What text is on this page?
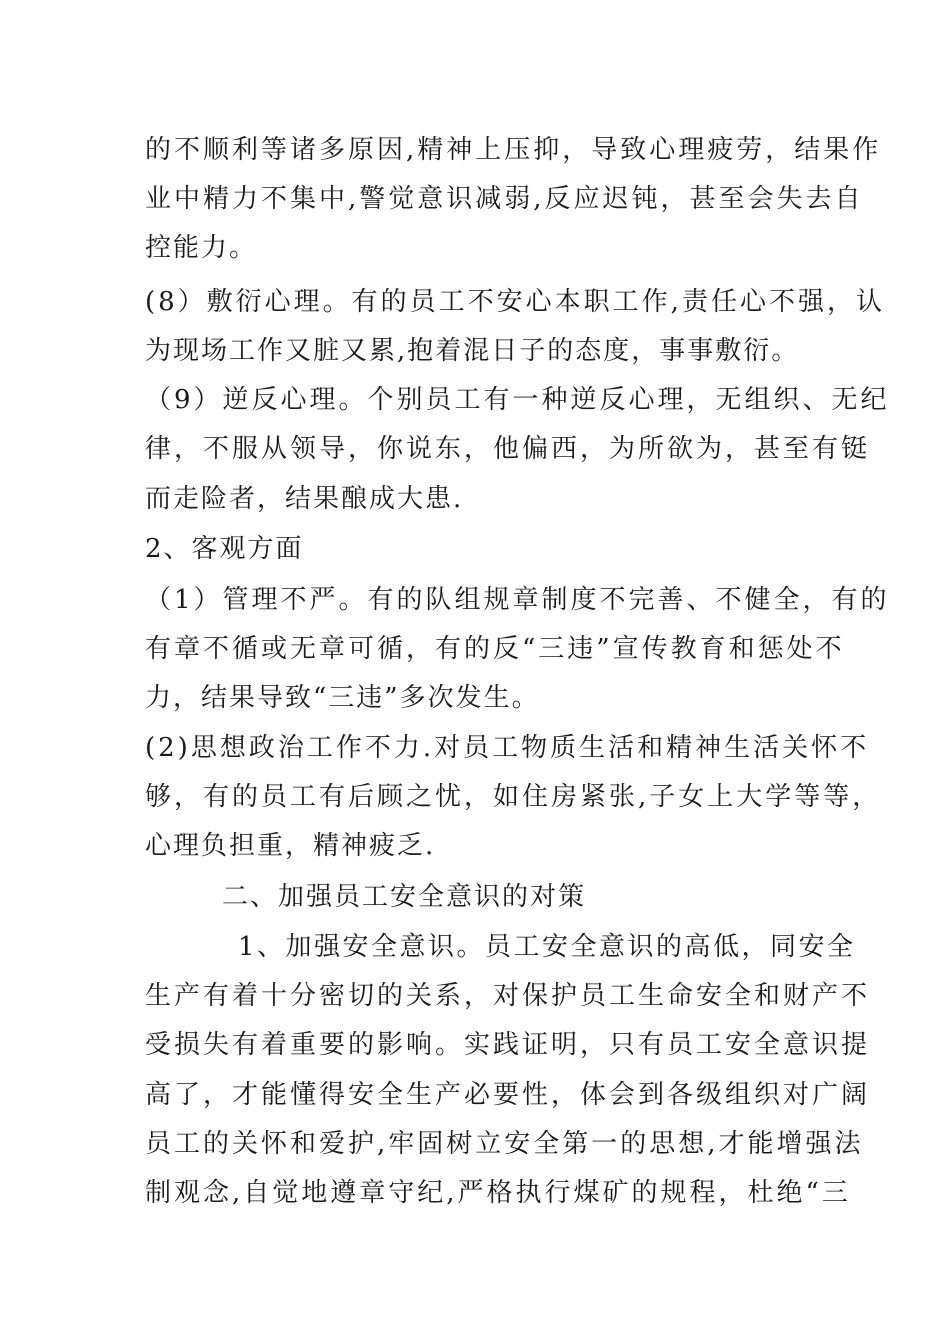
的不顺利等诸多原因,精神上压抑，导致心理疲劳，结果作
业中精力不集中,警觉意识减弱,反应迟钝，甚至会失去自
控能力。
(8）敷衍心理。有的员工不安心本职工作,责任心不强，认
为现场工作又脏又累,抱着混日子的态度，事事敷衍。
（9）逆反心理。个别员工有一种逆反心理，无组织、无纪
律，不服从领导，你说东，他偏西，为所欲为，甚至有铤
而走险者，结果酿成大患.
2、客观方面
（1）管理不严。有的队组规章制度不完善、不健全，有的
有章不循或无章可循，有的反“三违”宣传教育和惩处不
力，结果导致“三违”多次发生。
(2)思想政治工作不力.对员工物质生活和精神生活关怀不
够，有的员工有后顾之忧，如住房紧张,子女上大学等等，
心理负担重，精神疲乏.
二、加强员工安全意识的对策
1、加强安全意识。员工安全意识的高低，同安全
生产有着十分密切的关系，对保护员工生命安全和财产不
受损失有着重要的影响。实践证明，只有员工安全意识提
高了，才能懂得安全生产必要性，体会到各级组织对广阔
员工的关怀和爱护,牢固树立安全第一的思想,才能增强法
制观念,自觉地遵章守纪,严格执行煤矿的规程，杜绝“三
